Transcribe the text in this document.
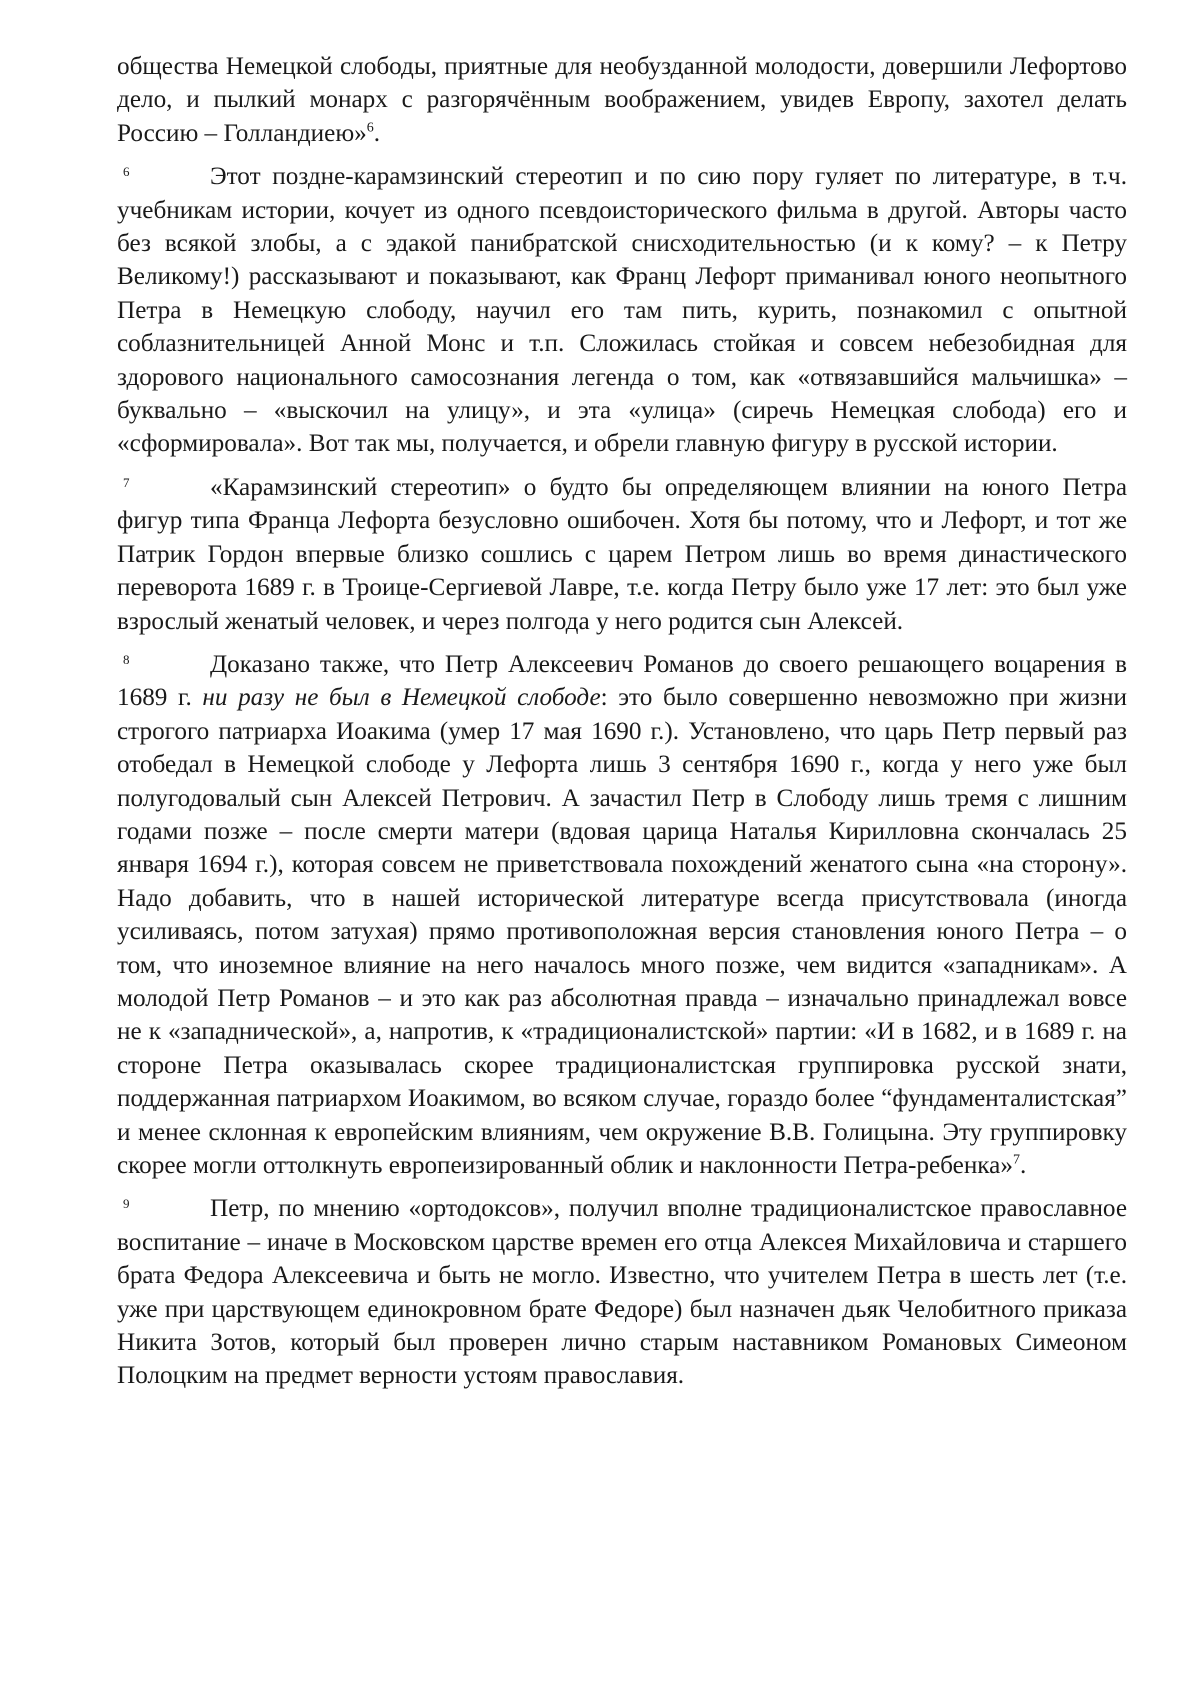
общества Немецкой слободы, приятные для необузданной молодости, довершили Лефортово дело, и пылкий монарх с разгорячённым воображением, увидев Европу, захотел делать Россию – Голландиею»$^6$.

6	Этот поздне-карамзинский стереотип и по сию пору гуляет по литературе, в т.ч. учебникам истории, кочует из одного псевдоисторического фильма в другой. Авторы часто без всякой злобы, а с эдакой панибратской снисходительностью (и к кому? – к Петру Великому!) рассказывают и показывают, как Франц Лефорт приманивал юного неопытного Петра в Немецкую слободу, научил его там пить, курить, познакомил с опытной соблазнительницей Анной Монс и т.п. Сложилась стойкая и совсем небезобидная для здорового национального самосознания легенда о том, как «отвязавшийся мальчишка» – буквально – «выскочил на улицу», и эта «улица» (сиречь Немецкая слобода) его и «сформировала». Вот так мы, получается, и обрели главную фигуру в русской истории.

7	«Карамзинский стереотип» о будто бы определяющем влиянии на юного Петра фигур типа Франца Лефорта безусловно ошибочен. Хотя бы потому, что и Лефорт, и тот же Патрик Гордон впервые близко сошлись с царем Петром лишь во время династического переворота 1689 г. в Троице-Сергиевой Лавре, т.е. когда Петру было уже 17 лет: это был уже взрослый женатый человек, и через полгода у него родится сын Алексей.

8	Доказано также, что Петр Алексеевич Романов до своего решающего воцарения в 1689 г. ни разу не был в Немецкой слободе: это было совершенно невозможно при жизни строгого патриарха Иоакима (умер 17 мая 1690 г.). Установлено, что царь Петр первый раз отобедал в Немецкой слободе у Лефорта лишь 3 сентября 1690 г., когда у него уже был полугодовалый сын Алексей Петрович. А зачастил Петр в Слободу лишь тремя с лишним годами позже – после смерти матери (вдовая царица Наталья Кирилловна скончалась 25 января 1694 г.), которая совсем не приветствовала похождений женатого сына «на сторону». Надо добавить, что в нашей исторической литературе всегда присутствовала (иногда усиливаясь, потом затухая) прямо противоположная версия становления юного Петра – о том, что иноземное влияние на него началось много позже, чем видится «западникам». А молодой Петр Романов – и это как раз абсолютная правда – изначально принадлежал вовсе не к «западнической», а, напротив, к «традиционалистской» партии: «И в 1682, и в 1689 г. на стороне Петра оказывалась скорее традиционалистская группировка русской знати, поддержанная патриархом Иоакимом, во всяком случае, гораздо более “фундаменталистская” и менее склонная к европейским влияниям, чем окружение В.В. Голицына. Эту группировку скорее могли оттолкнуть европеизированный облик и наклонности Петра-ребенка»$^7$.

9	Петр, по мнению «ортодоксов», получил вполне традиционалистское православное воспитание – иначе в Московском царстве времен его отца Алексея Михайловича и старшего брата Федора Алексеевича и быть не могло. Известно, что учителем Петра в шесть лет (т.е. уже при царствующем единокровном брате Федоре) был назначен дьяк Челобитного приказа Никита Зотов, который был проверен лично старым наставником Романовых Симеоном Полоцким на предмет верности устоям православия.
